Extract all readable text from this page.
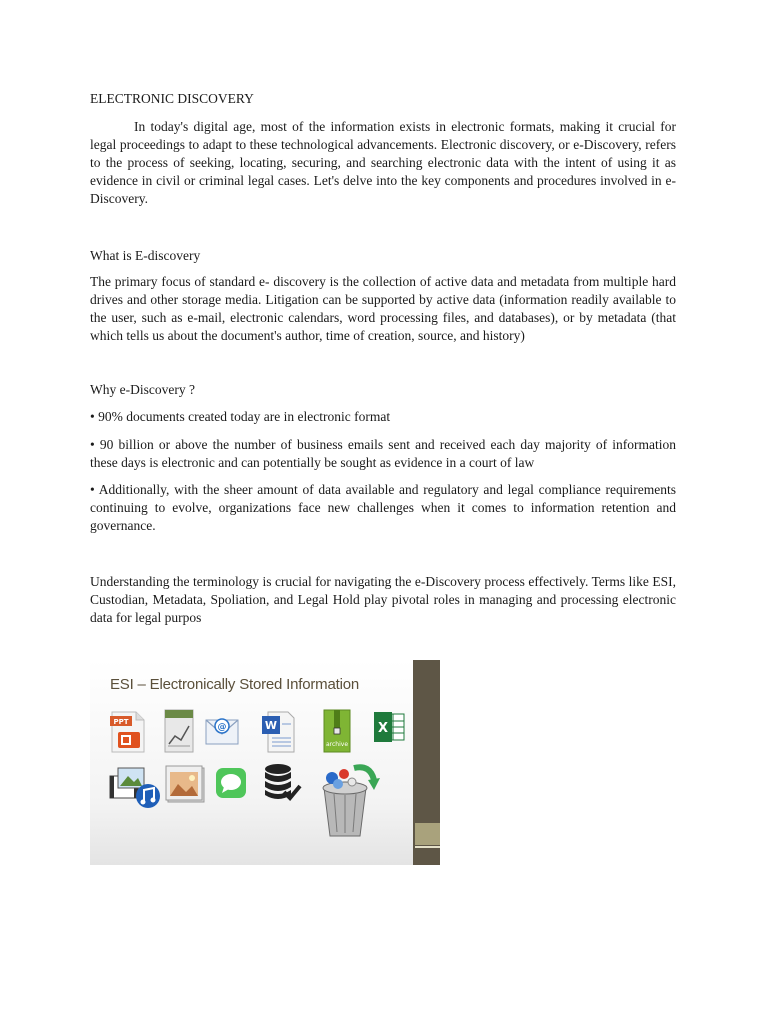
ELECTRONIC DISCOVERY

In today's digital age, most of the information exists in electronic formats, making it crucial for legal proceedings to adapt to these technological advancements. Electronic discovery, or e-Discovery, refers to the process of seeking, locating, securing, and searching electronic data with the intent of using it as evidence in civil or criminal legal cases. Let's delve into the key components and procedures involved in e-Discovery.

What is E-discovery

The primary focus of standard e- discovery is the collection of active data and metadata from multiple hard drives and other storage media. Litigation can be supported by active data (information readily available to the user, such as e-mail, electronic calendars, word processing files, and databases), or by metadata (that which tells us about the document's author, time of creation, source, and history)

Why e-Discovery ?

• 90% documents created today are in electronic format

• 90 billion or above the number of business emails sent and received each day majority of information these days is electronic and can potentially be sought as evidence in a court of law

• Additionally, with the sheer amount of data available and regulatory and legal compliance requirements continuing to evolve, organizations face new challenges when it comes to information retention and governance.

Understanding the terminology is crucial for navigating the e-Discovery process effectively. Terms like ESI, Custodian, Metadata, Spoliation, and Legal Hold play pivotal roles in managing and processing electronic data for legal purpos

ESI – Electronically Stored Information
PPT
@	W
archive
X
